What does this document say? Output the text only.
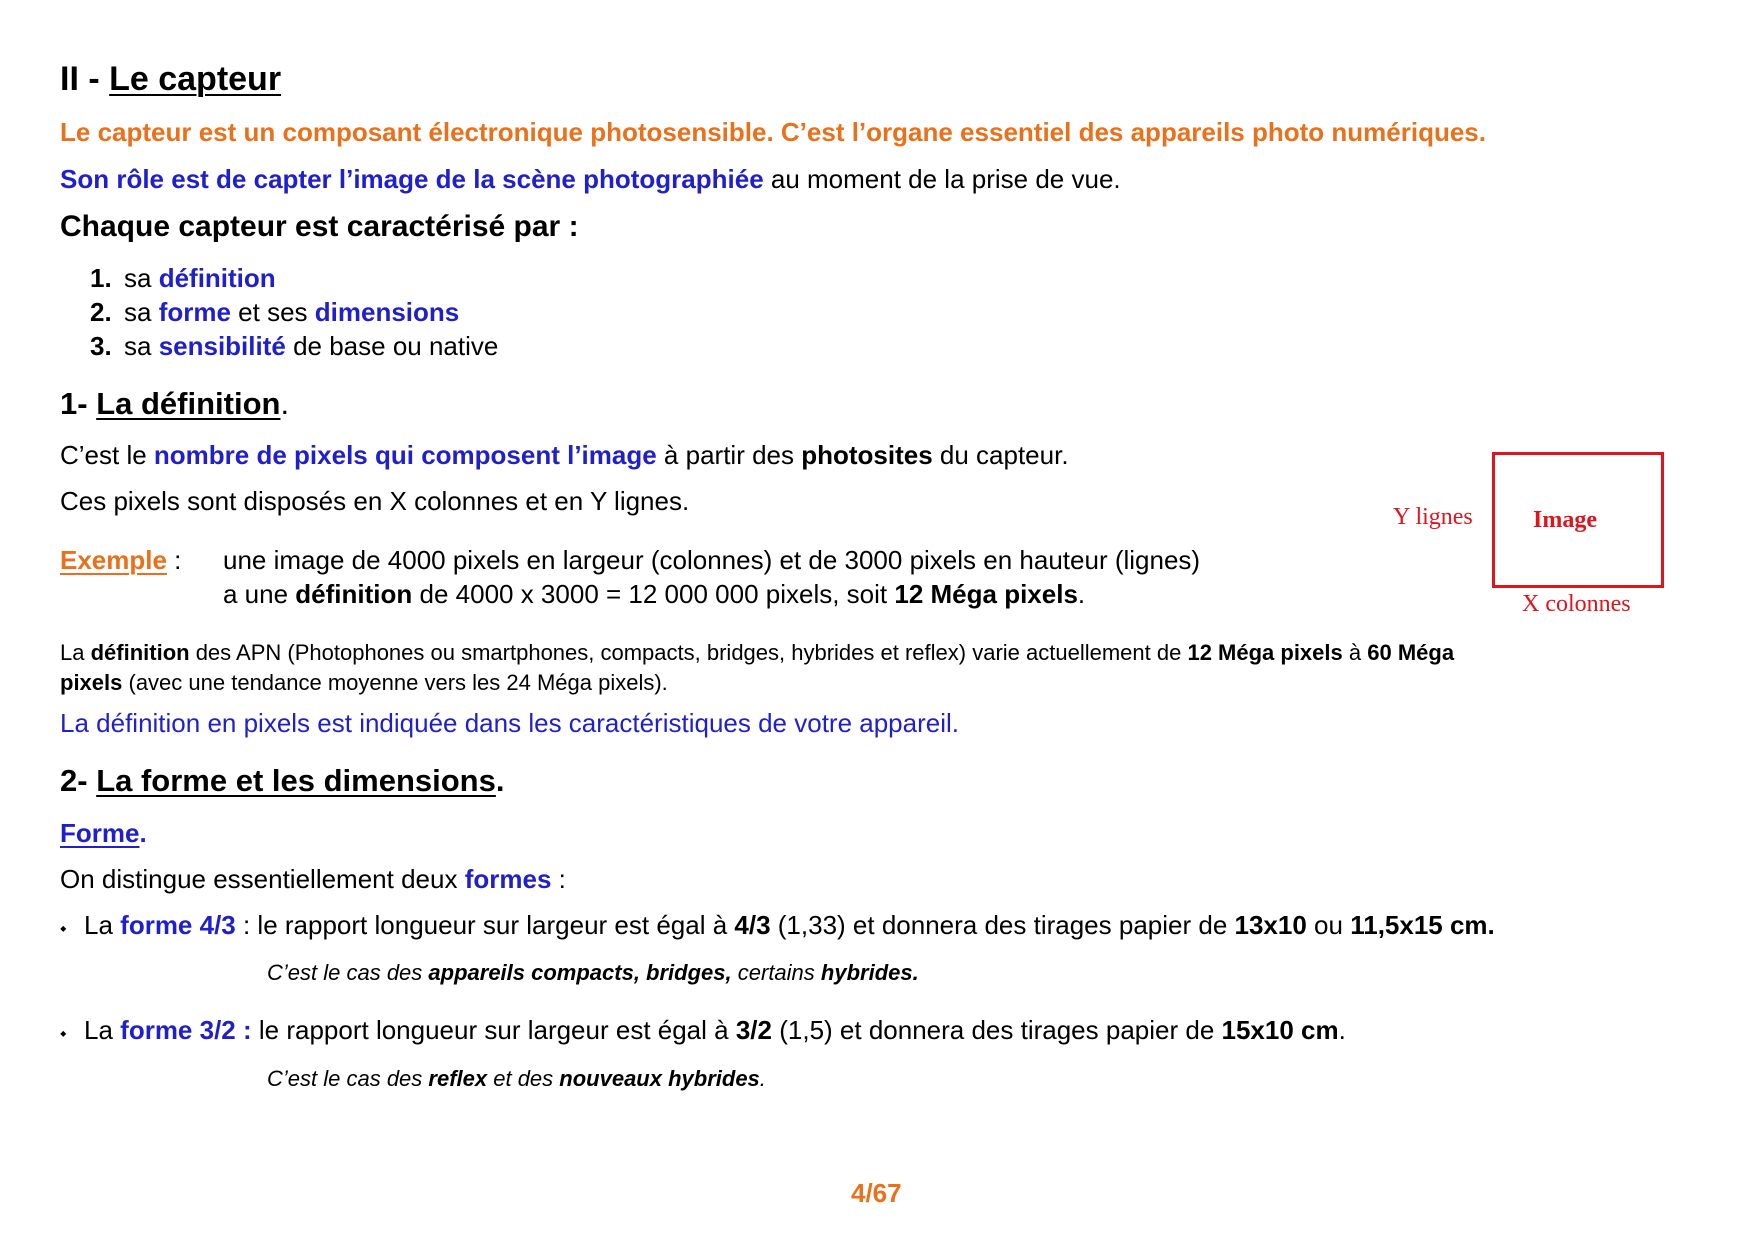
II - Le capteur
Le capteur est un composant électronique photosensible. C’est l’organe essentiel des appareils photo numériques.
Son rôle est de capter l’image de la scène photographiée au moment de la prise de vue.
Chaque capteur est caractérisé par :
1. sa définition
2. sa forme et ses dimensions
3. sa sensibilité de base ou native
1- La définition.
C’est le nombre de pixels qui composent l’image à partir des photosites du capteur.
Ces pixels sont disposés en X colonnes et en Y lignes.
Exemple : une image de 4000 pixels en largeur (colonnes) et de 3000 pixels en hauteur (lignes)
a une définition de 4000 x 3000 = 12 000 000 pixels, soit 12 Méga pixels.
Y lignes	Image
X colonnes
La définition des APN (Photophones ou smartphones, compacts, bridges, hybrides et reflex) varie actuellement de 12 Méga pixels à 60 Méga
pixels (avec une tendance moyenne vers les 24 Méga pixels).
La définition en pixels est indiquée dans les caractéristiques de votre appareil.
2- La forme et les dimensions.
Forme.
On distingue essentiellement deux formes :
⬩ La forme 4/3 : le rapport longueur sur largeur est égal à 4/3 (1,33) et donnera des tirages papier de 13x10 ou 11,5x15 cm.
C’est le cas des appareils compacts, bridges, certains hybrides.
⬩ La forme 3/2 : le rapport longueur sur largeur est égal à 3/2 (1,5) et donnera des tirages papier de 15x10 cm.
C’est le cas des reflex et des nouveaux hybrides.
4/67
